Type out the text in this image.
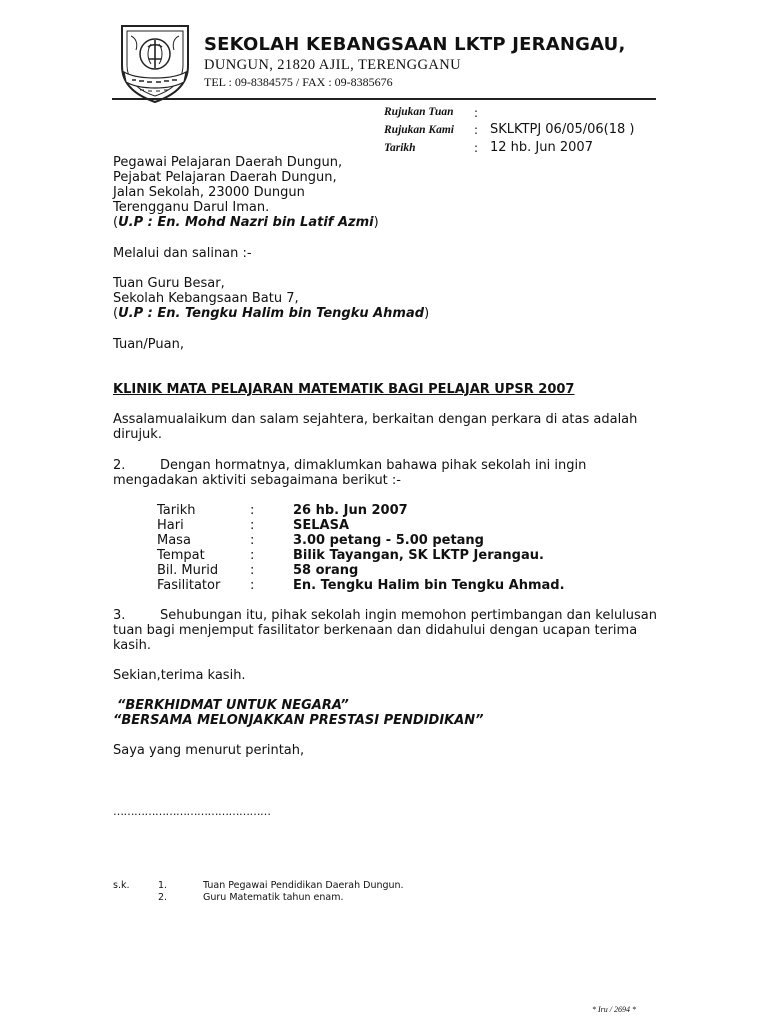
SEKOLAH KEBANGSAAN LKTP JERANGAU,
DUNGUN, 21820 AJIL, TERENGGANU
TEL : 09-8384575 / FAX : 09-8385676
Rujukan Tuan :
Rujukan Kami : SKLKTPJ 06/05/06(18 )
Tarikh	: 12 hb. Jun 2007
Pegawai Pelajaran Daerah Dungun,
Pejabat Pelajaran Daerah Dungun,
Jalan Sekolah, 23000 Dungun
Terengganu Darul Iman.
(U.P : En. Mohd Nazri bin Latif Azmi)
Melalui dan salinan :-
Tuan Guru Besar,
Sekolah Kebangsaan Batu 7,
(U.P : En. Tengku Halim bin Tengku Ahmad)
Tuan/Puan,
KLINIK MATA PELAJARAN MATEMATIK BAGI PELAJAR UPSR 2007
Assalamualaikum dan salam sejahtera, berkaitan dengan perkara di atas adalah
dirujuk.
2.	Dengan hormatnya, dimaklumkan bahawa pihak sekolah ini ingin
mengadakan aktiviti sebagaimana berikut :-
Tarikh	:	26 hb. Jun 2007
Hari	:	SELASA
Masa	:	3.00 petang - 5.00 petang
Tempat	:	Bilik Tayangan, SK LKTP Jerangau.
Bil. Murid :	58 orang
Fasilitator :	En. Tengku Halim bin Tengku Ahmad.
3.	Sehubungan itu, pihak sekolah ingin memohon pertimbangan dan kelulusan
tuan bagi menjemput fasilitator berkenaan dan didahului dengan ucapan terima
kasih.
Sekian,terima kasih.
“BERKHIDMAT UNTUK NEGARA”
“BERSAMA MELONJAKKAN PRESTASI PENDIDIKAN”
Saya yang menurut perintah,
………………………………………
s.k.	1.	Tuan Pegawai Pendidikan Daerah Dungun.
2.	Guru Matematik tahun enam.
* Iru / 2694 *
